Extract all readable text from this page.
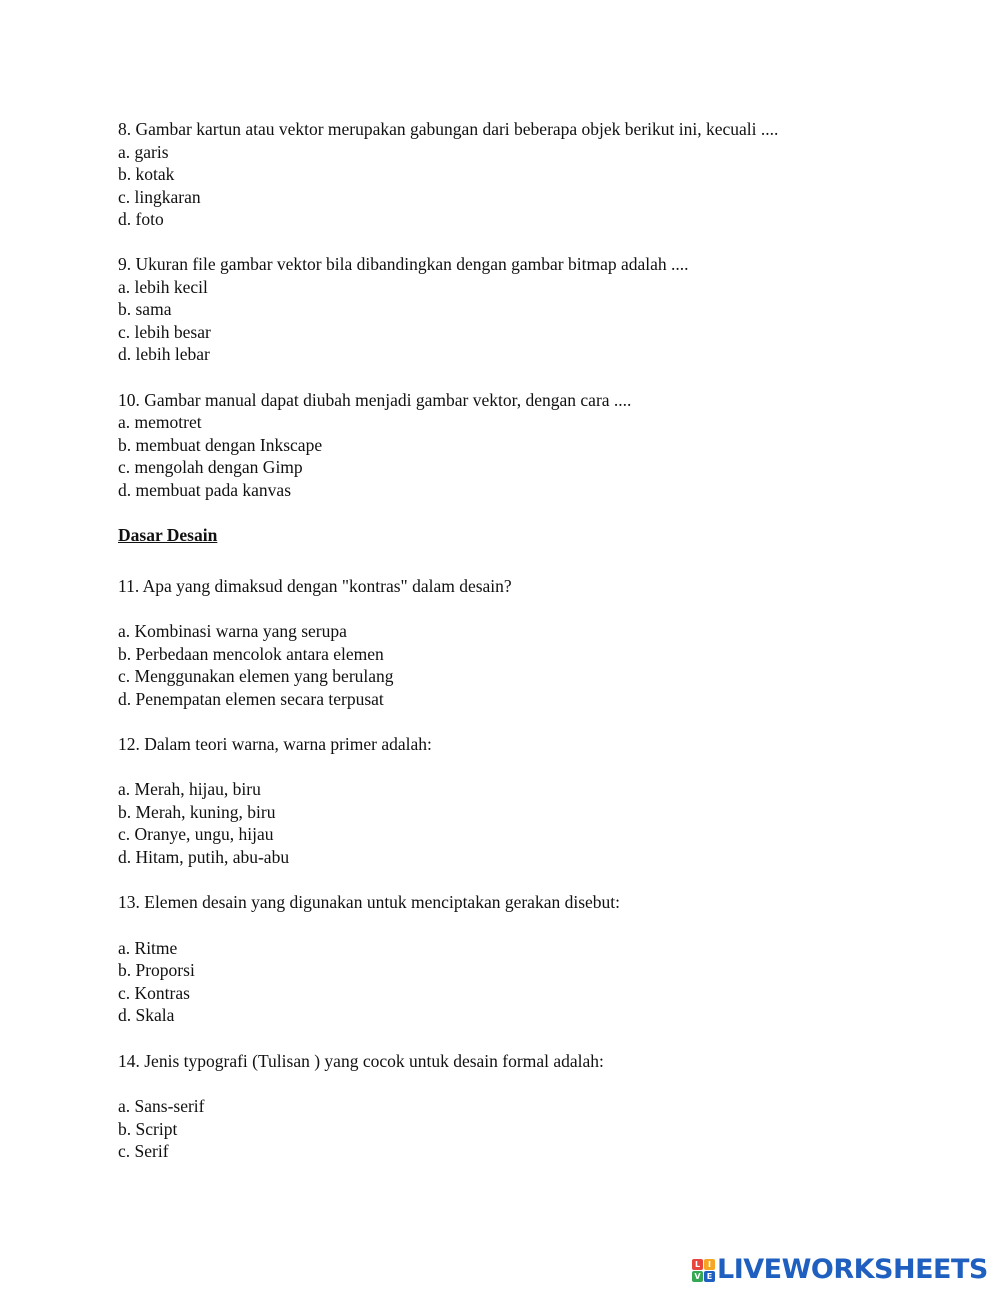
8. Gambar kartun atau vektor merupakan gabungan dari beberapa objek berikut ini, kecuali ....
a. garis
b. kotak
c. lingkaran
d. foto
9. Ukuran file gambar vektor bila dibandingkan dengan gambar bitmap adalah ....
a. lebih kecil
b. sama
c. lebih besar
d. lebih lebar
10. Gambar manual dapat diubah menjadi gambar vektor, dengan cara ....
a. memotret
b. membuat dengan Inkscape
c. mengolah dengan Gimp
d. membuat pada kanvas
Dasar Desain
11. Apa yang dimaksud dengan "kontras" dalam desain?
a. Kombinasi warna yang serupa
b. Perbedaan mencolok antara elemen
c. Menggunakan elemen yang berulang
d. Penempatan elemen secara terpusat
12. Dalam teori warna, warna primer adalah:
a. Merah, hijau, biru
b. Merah, kuning, biru
c. Oranye, ungu, hijau
d. Hitam, putih, abu-abu
13. Elemen desain yang digunakan untuk menciptakan gerakan disebut:
a. Ritme
b. Proporsi
c. Kontras
d. Skala
14. Jenis typografi (Tulisan ) yang cocok untuk desain formal adalah:
a. Sans-serif
b. Script
c. Serif
L I
V E LIVEWORKSHEETS
